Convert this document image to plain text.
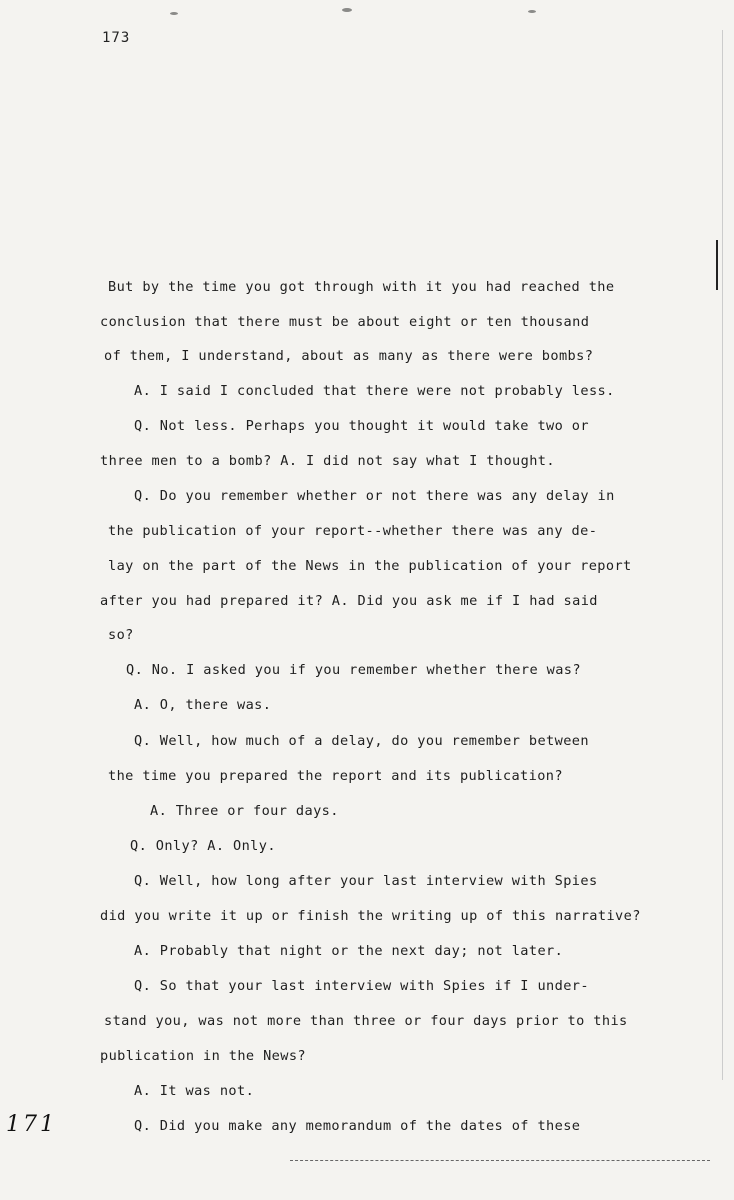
173
But by the time you got through with it you had reached the
conclusion that there must be about eight or ten thousand
of them, I understand, about as many as there were bombs?
A. I said I concluded that there were not probably less.
Q. Not less. Perhaps you thought it would take two or
three men to a bomb? A. I did not say what I thought.
Q. Do you remember whether or not there was any delay in
the publication of your report--whether there was any de-
lay on the part of the News in the publication of your report
after you had prepared it? A. Did you ask me if I had said
so?
Q. No. I asked you if you remember whether there was?
A. O, there was.
Q. Well, how much of a delay, do you remember between
the time you prepared the report and its publication?
A. Three or four days.
Q. Only? A. Only.
Q. Well, how long after your last interview with Spies
did you write it up or finish the writing up of this narrative?
A. Probably that night or the next day; not later.
Q. So that your last interview with Spies if I under-
stand you, was not more than three or four days prior to this
publication in the News?
A. It was not.
Q. Did you make any memorandum of the dates of these
171
